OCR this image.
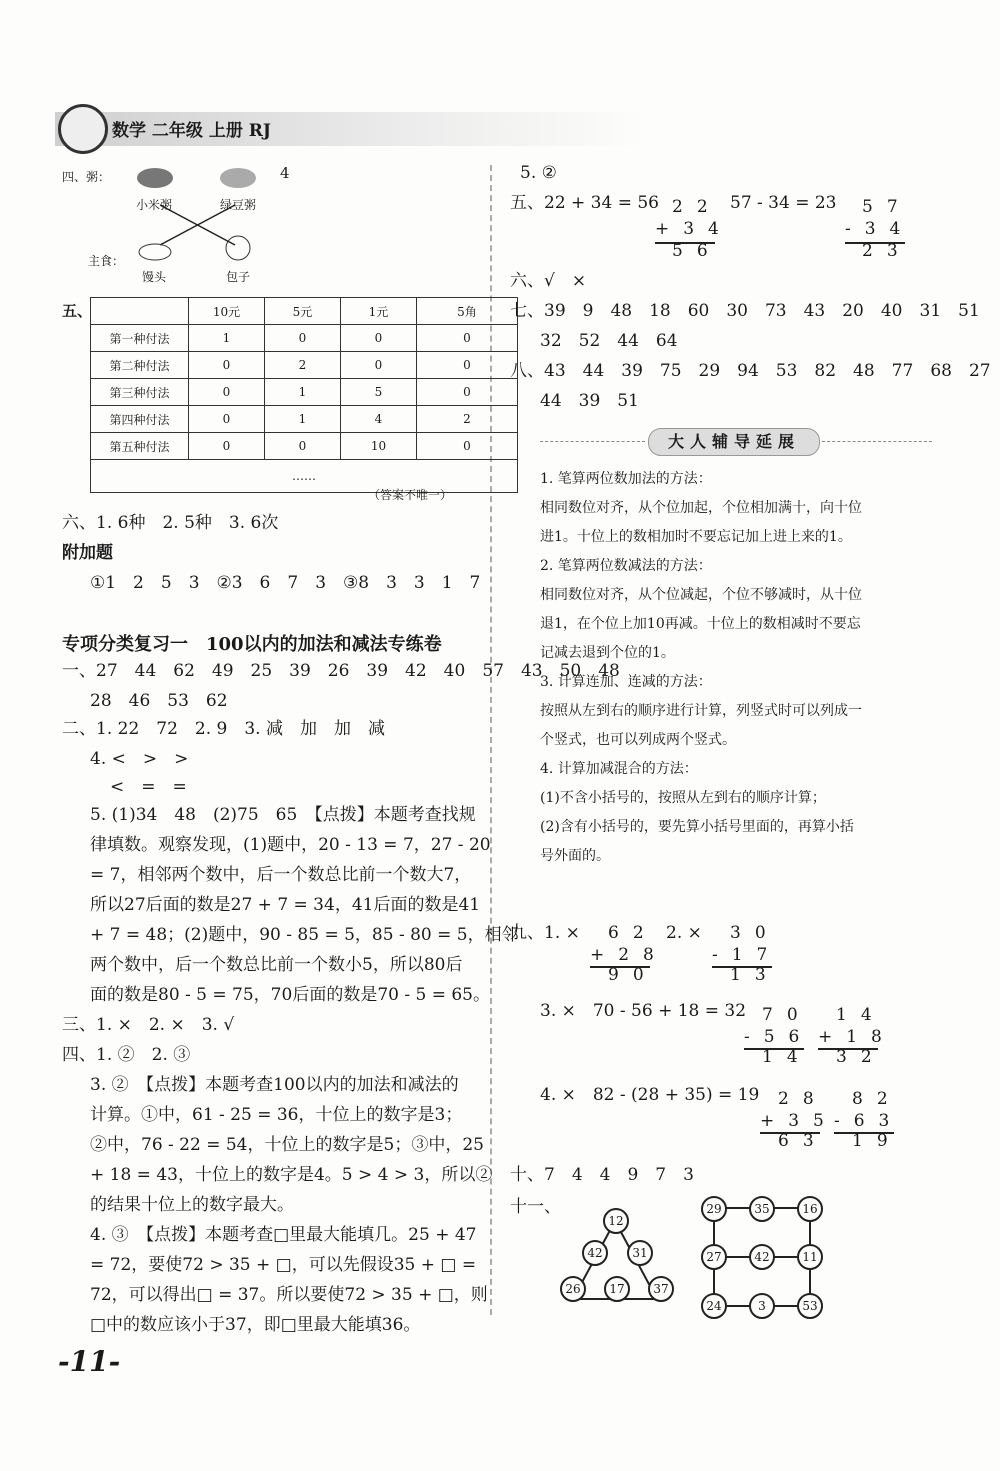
数学 二年级 上册 RJ
四、粥：	4
小米粥	绿豆粥
主食：
馒头	包子
五、
		10元	5元	1元	5角
第一种付法	1	0	0	0
第二种付法	0	2	0	0
第三种付法	0	1	5	0
第四种付法	0	1	4	2
第五种付法	0	0	10	0
……				
（答案不唯一）
六、1. 6种　2. 5种　3. 6次
附加题
①1　2　5　3　②3　6　7　3　③8　3　3　1　7
专项分类复习一　100以内的加法和减法专练卷
一、27　44　62　49　25　39　26　39　42　40　57　43　50　48
28　46　53　62
二、1. 22　72　2. 9　3. 减　加　加　减
4. <　>　>
<　=　=
5. (1)34　48　(2)75　65　【点拨】本题考查找规
律填数。观察发现，(1)题中，20 - 13 = 7，27 - 20
= 7，相邻两个数中，后一个数总比前一个数大7，
所以27后面的数是27 + 7 = 34，41后面的数是41
+ 7 = 48；(2)题中，90 - 85 = 5，85 - 80 = 5，相邻
两个数中，后一个数总比前一个数小5，所以80后
面的数是80 - 5 = 75，70后面的数是70 - 5 = 65。
三、1. ×　2. ×　3. √
四、1. ②　2. ③
3. ②　【点拨】本题考查100以内的加法和减法的
计算。①中，61 - 25 = 36，十位上的数字是3；
②中，76 - 22 = 54，十位上的数字是5；③中，25
+ 18 = 43，十位上的数字是4。5 > 4 > 3，所以②
的结果十位上的数字最大。
4. ③　【点拨】本题考查□里最大能填几。25 + 47
= 72，要使72 > 35 + □，可以先假设35 + □ =
72，可以得出□ = 37。所以要使72 > 35 + □，则
□中的数应该小于37，即□里最大能填36。
-11-
5. ②
五、22 + 34 = 56	57 - 34 = 23
22
+34
56
57
-34
23
六、√　×
七、39　9　48　18　60　30　73　43　20　40　31　51
32　52　44　64
八、43　44　39　75　29　94　53　82　48　77　68　27
44　39　51
大人辅导延展
1. 笔算两位数加法的方法：
相同数位对齐，从个位加起，个位相加满十，向十位
进1。十位上的数相加时不要忘记加上进上来的1。
2. 笔算两位数减法的方法：
相同数位对齐，从个位减起，个位不够减时，从十位
退1，在个位上加10再减。十位上的数相减时不要忘
记减去退到个位的1。
3. 计算连加、连减的方法：
按照从左到右的顺序进行计算，列竖式时可以列成一
个竖式，也可以列成两个竖式。
4. 计算加减混合的方法：
(1)不含小括号的，按照从左到右的顺序计算；
(2)含有小括号的，要先算小括号里面的，再算小括
号外面的。
九、1. × 62
+28
90
2. × 30
-17
13
3. ×　70 - 56 + 18 = 32 70
-56
14
14
+18
32
4. ×　82 - (28 + 35) = 19 28
+35
63
82
-63
19
十、7　4　4　9　7　3
十一、
12
42	31
26	17	37
29	35	16
27	42	11
24	3	53
